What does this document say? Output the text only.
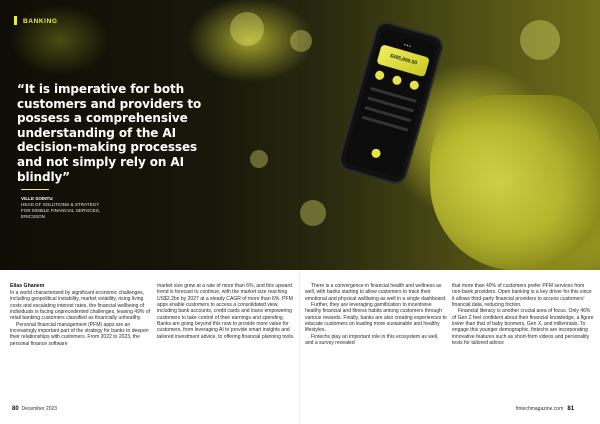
● ● ●
$365,800.50
BANKING
“It is imperative for both customers and providers to possess a comprehensive understanding of the AI decision-making processes and not simply rely on AI blindly”
VILLE SOINTU
HEAD OF SOLUTIONS & STRATEGY
FOR MOBILE FINANCIAL SERVICES,
ERICSSON
Elias Ghanem

In a world characterised by significant economic challenges, including geopolitical instability, market volatility, rising living costs and escalating interest rates, the financial wellbeing of individuals is facing unprecedented challenges, leaving 49% of retail banking customers classified as financially unhealthy.

Personal financial management (PFM) apps are an increasingly important part of the strategy for banks to deepen their relationships with customers. From 2022 to 2023, the personal finance software

market size grew at a rate of more than 6%, and this upward trend is forecast to continue, with the market size reaching US$2.2bn by 2027 at a steady CAGR of more than 6%. PFM apps enable customers to access a consolidated view, including bank accounts, credit cards and loans empowering customers to take control of their earnings and spending. Banks are going beyond this now to provide more value for customers, from leveraging AI to provide smart insights and tailored investment advice, to offering financial planning tools.

There is a convergence in financial health and wellness as well, with banks starting to allow customers to track their emotional and physical wellbeing as well in a single dashboard.

Further, they are leveraging gamification to incentivise healthy financial and fitness habits among customers through various rewards. Finally, banks are also creating experiences to educate customers on leading more sustainable and healthy lifestyles.

Fintechs play an important role in this ecosystem as well, and a survey revealed

that more than 40% of customers prefer PFM services from non-bank providers. Open banking is a key driver for this since it allows third-party financial providers to access customers' financial data, reducing friction.

Financial literacy is another crucial area of focus. Only 46% of Gen Z feel confident about their financial knowledge, a figure lower than that of baby boomers, Gen X, and millennials. To engage this younger demographic, fintechs are incorporating innovative features such as short-form videos and personality tests for tailored advice

80 December 2023	fintechmagazine.com 81
